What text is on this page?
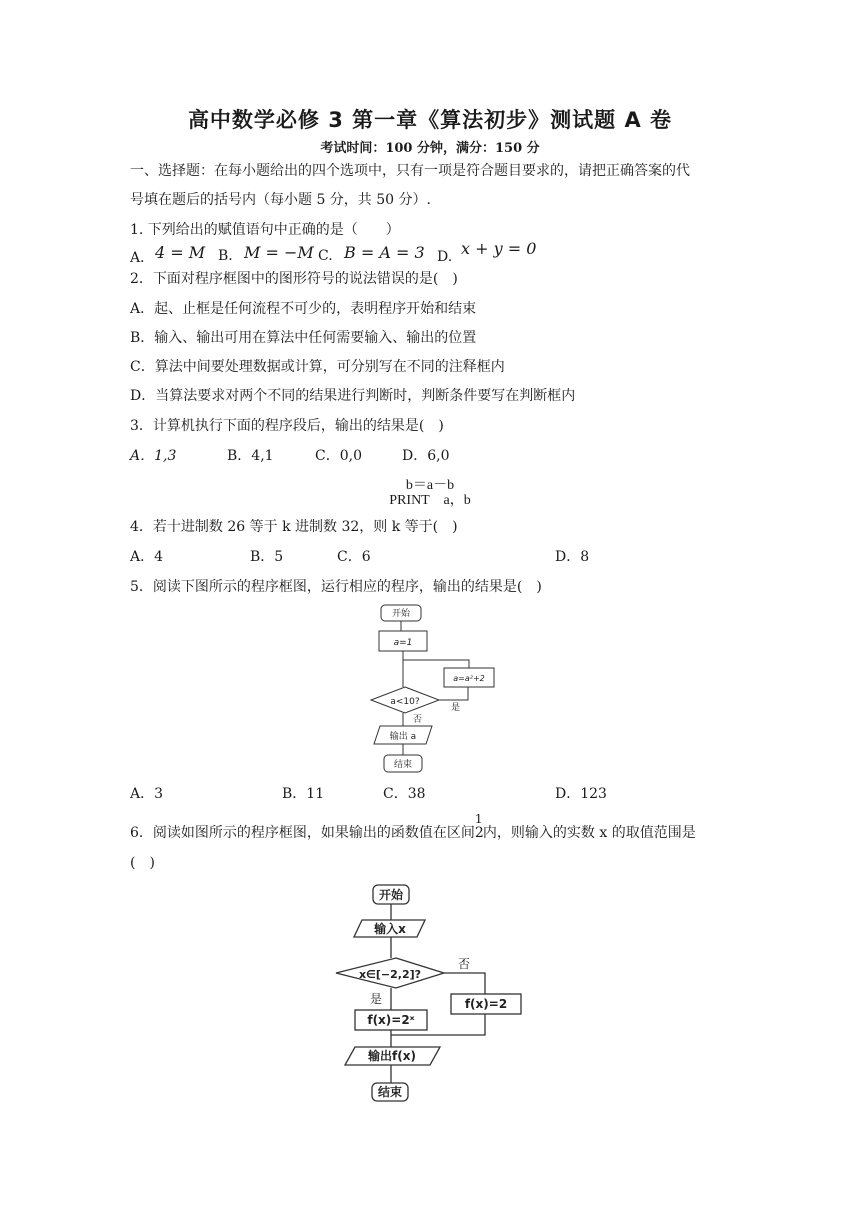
高中数学必修 3 第一章《算法初步》测试题 A 卷
考试时间：100 分钟，满分：150 分
一、选择题：在每小题给出的四个选项中，只有一项是符合题目要求的，请把正确答案的代
号填在题后的括号内（每小题 5 分，共 50 分）.
1. 下列给出的赋值语句中正确的是（　　）
A． 4 = M B. M = −M C. B = A = 3 D. x + y = 0
2．下面对程序框图中的图形符号的说法错误的是(　)
A．起、止框是任何流程不可少的，表明程序开始和结束
B．输入、输出可用在算法中任何需要输入、输出的位置
C．算法中间要处理数据或计算，可分别写在不同的注释框内
D．当算法要求对两个不同的结果进行判断时，判断条件要写在判断框内
3．计算机执行下面的程序段后，输出的结果是(　)
A．1,3	B．4,1	C．0,0	D．6,0
b＝a－b
PRINT　a，b
4．若十进制数 26 等于 k 进制数 32，则 k 等于(　)
A．4	B．5	C．6	D．8
5．阅读下图所示的程序框图，运行相应的程序，输出的结果是(　)
开始
a=1
a=a²+2
a<10?
是
否
输出 a
结束
A．3	B．11	C．38	D．123
6．阅读如图所示的程序框图，如果输出的函数值在区间
1
2内，则输入的实数 x 的取值范围是
(　)
开始
输入x
x∈[−2,2]?
否
是	f(x)=2
f(x)=2ˣ
输出f(x)
结束
